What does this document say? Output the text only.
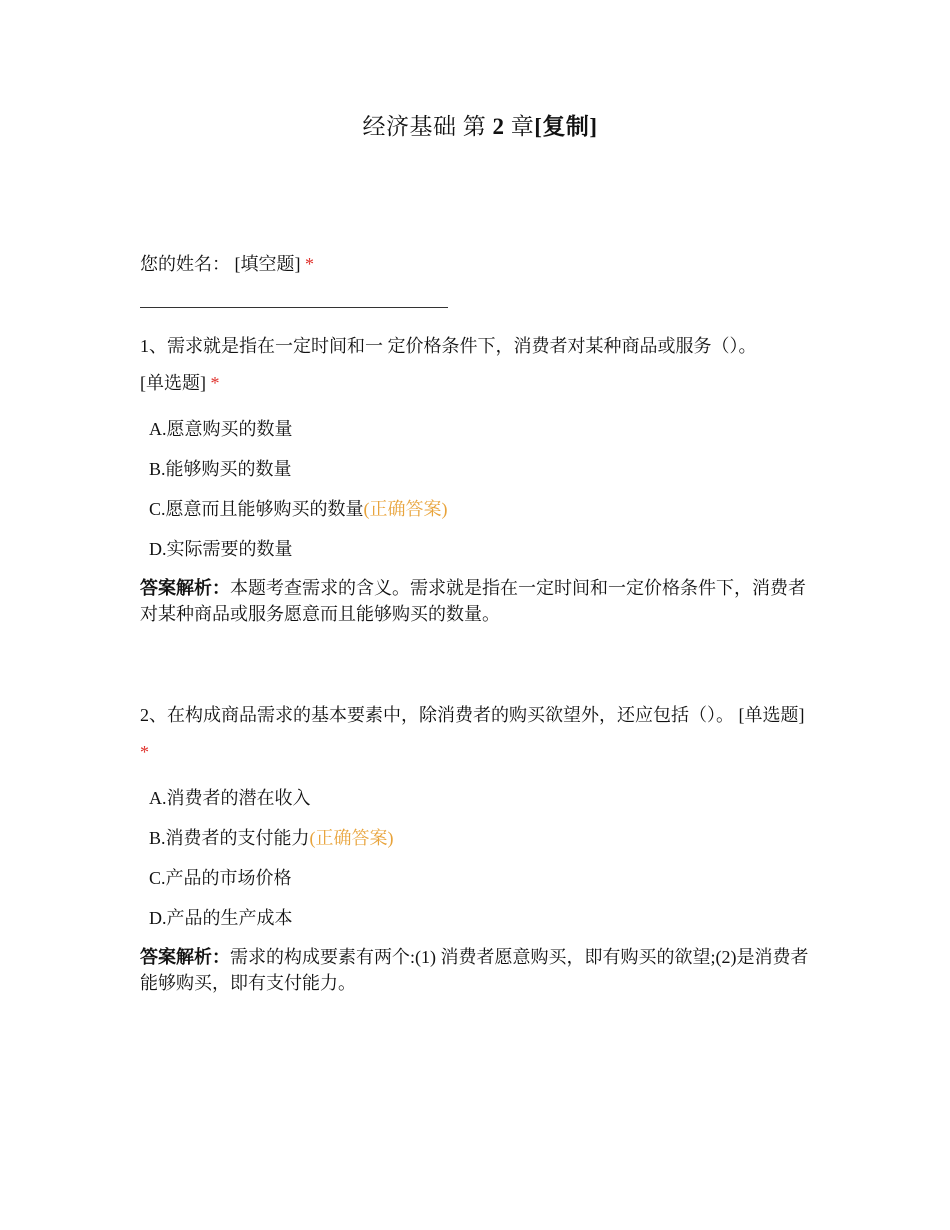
经济基础 第 2 章[复制]
您的姓名： [填空题] *
1、需求就是指在一定时间和一 定价格条件下，消费者对某种商品或服务（）。
[单选题] *
A.愿意购买的数量
B.能够购买的数量
C.愿意而且能够购买的数量(正确答案)
D.实际需要的数量
答案解析：本题考查需求的含义。需求就是指在一定时间和一定价格条件下，消费者对某种商品或服务愿意而且能够购买的数量。
2、在构成商品需求的基本要素中，除消费者的购买欲望外，还应包括（）。 [单选题] *
A.消费者的潜在收入
B.消费者的支付能力(正确答案)
C.产品的市场价格
D.产品的生产成本
答案解析：需求的构成要素有两个:(1) 消费者愿意购买，即有购买的欲望;(2)是消费者能够购买，即有支付能力。
